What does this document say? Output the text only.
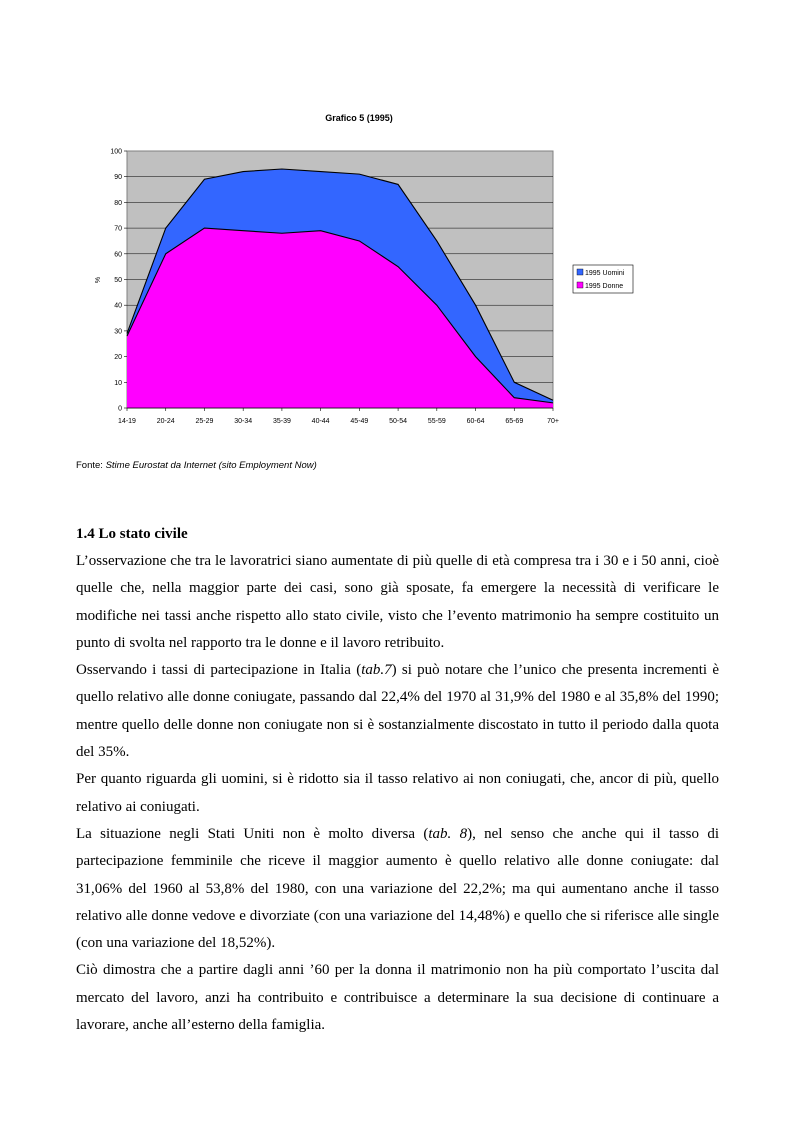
Grafico 5 (1995)
0
10
20
30
40
50
60
70
80
90
100
14-19	20-24	25-29	30-34	35-39	40-44	45-49	50-54	55-59	60-64	65-69	70+
%
1995 Uomini
1995 Donne
Fonte: Stime Eurostat da Internet (sito Employment Now)
1.4 Lo stato civile

L’osservazione che tra le lavoratrici siano aumentate di più quelle di età compresa tra i 30 e i 50 anni, cioè quelle che, nella maggior parte dei casi, sono già sposate, fa emergere la necessità di verificare le modifiche nei tassi anche rispetto allo stato civile, visto che l’evento matrimonio ha sempre costituito un punto di svolta nel rapporto tra le donne e il lavoro retribuito.

Osservando i tassi di partecipazione in Italia (tab.7) si può notare che l’unico che presenta incrementi è quello relativo alle donne coniugate, passando dal 22,4% del 1970 al 31,9% del 1980 e al 35,8% del 1990; mentre quello delle donne non coniugate non si è sostanzialmente discostato in tutto il periodo dalla quota del 35%.

Per quanto riguarda gli uomini, si è ridotto sia il tasso relativo ai non coniugati, che, ancor di più, quello relativo ai coniugati.

La situazione negli Stati Uniti non è molto diversa (tab. 8), nel senso che anche qui il tasso di partecipazione femminile che riceve il maggior aumento è quello relativo alle donne coniugate: dal 31,06% del 1960 al 53,8% del 1980, con una variazione del 22,2%; ma qui aumentano anche il tasso relativo alle donne vedove e divorziate (con una variazione del 14,48%) e quello che si riferisce alle single (con una variazione del 18,52%).

Ciò dimostra che a partire dagli anni ’60 per la donna il matrimonio non ha più comportato l’uscita dal mercato del lavoro, anzi ha contribuito e contribuisce a determinare la sua decisione di continuare a lavorare, anche all’esterno della famiglia.
